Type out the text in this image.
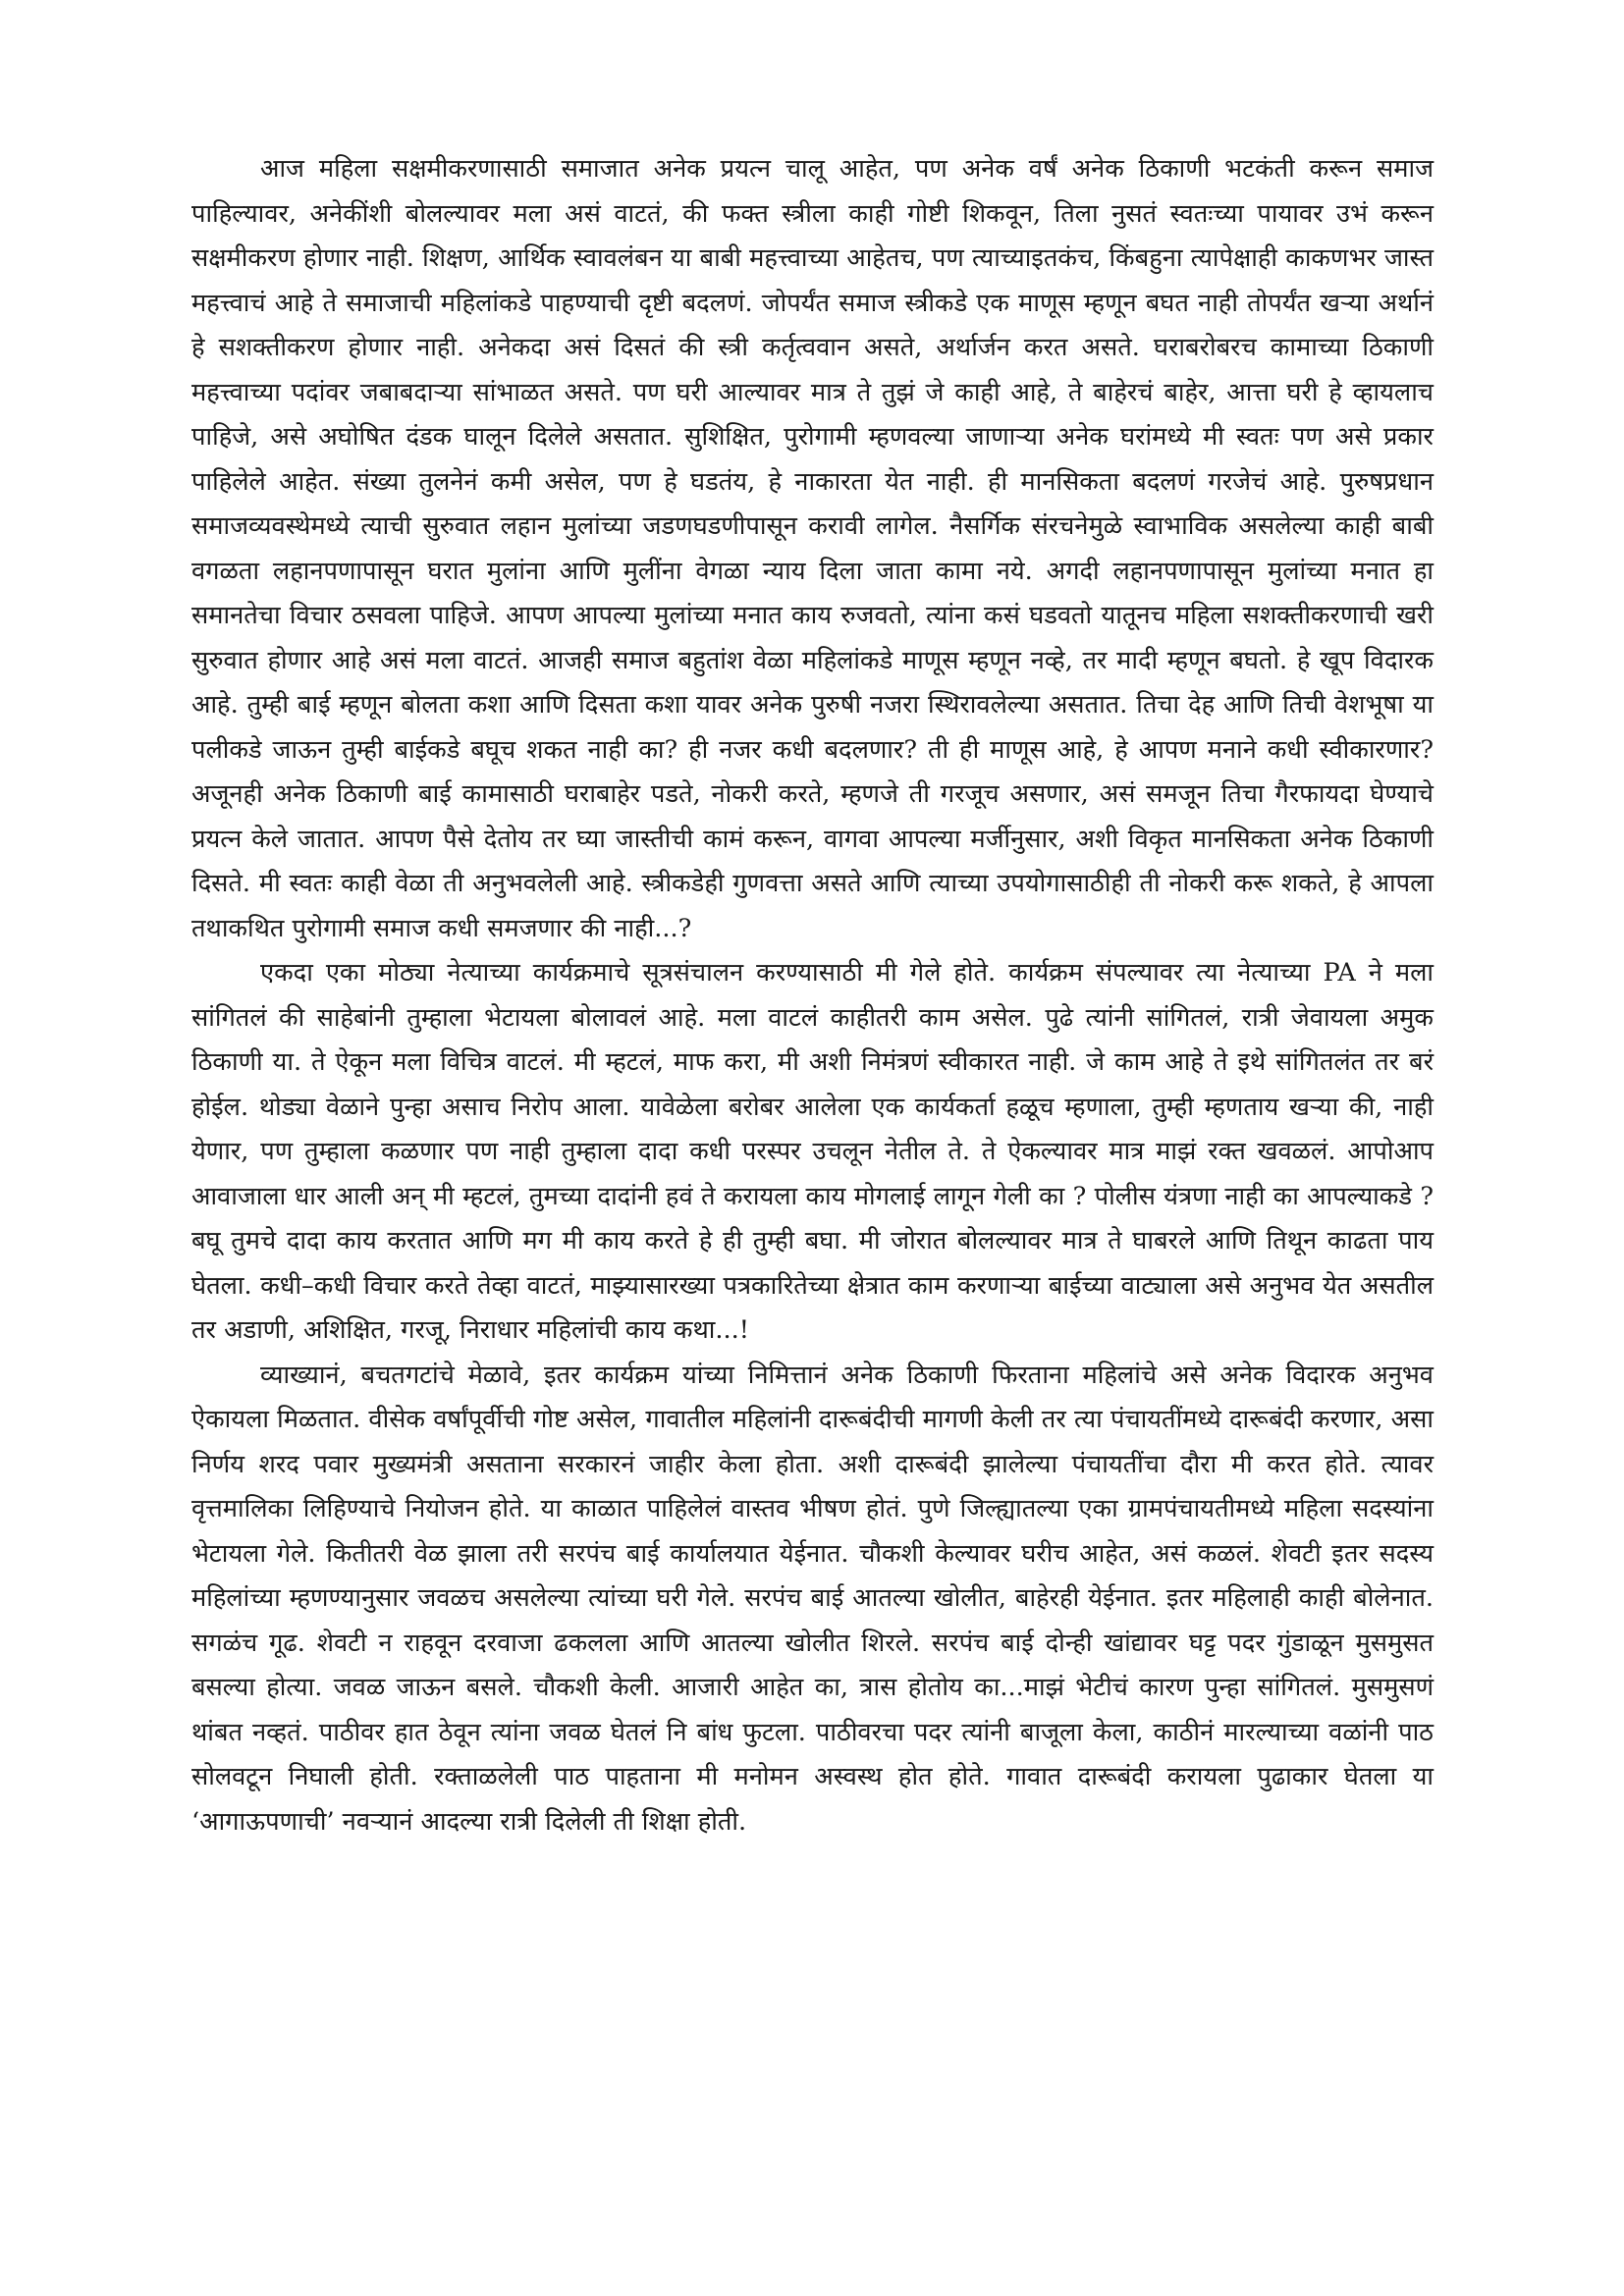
आज महिला सक्षमीकरणासाठी समाजात अनेक प्रयत्न चालू आहेत, पण अनेक वर्षं अनेक ठिकाणी भटकंती करून समाज पाहिल्यावर, अनेकींशी बोलल्यावर मला असं वाटतं, की फक्त स्त्रीला काही गोष्टी शिकवून, तिला नुसतं स्वतःच्या पायावर उभं करून सक्षमीकरण होणार नाही. शिक्षण, आर्थिक स्वावलंबन या बाबी महत्त्वाच्या आहेतच, पण त्याच्याइतकंच, किंबहुना त्यापेक्षाही काकणभर जास्त महत्त्वाचं आहे ते समाजाची महिलांकडे पाहण्याची दृष्टी बदलणं. जोपर्यंत समाज स्त्रीकडे एक माणूस म्हणून बघत नाही तोपर्यंत खऱ्या अर्थानं हे सशक्तीकरण होणार नाही. अनेकदा असं दिसतं की स्त्री कर्तृत्ववान असते, अर्थार्जन करत असते. घराबरोबरच कामाच्या ठिकाणी महत्त्वाच्या पदांवर जबाबदाऱ्या सांभाळत असते. पण घरी आल्यावर मात्र ते तुझं जे काही आहे, ते बाहेरचं बाहेर, आत्ता घरी हे व्हायलाच पाहिजे, असे अघोषित दंडक घालून दिलेले असतात. सुशिक्षित, पुरोगामी म्हणवल्या जाणाऱ्या अनेक घरांमध्ये मी स्वतः पण असे प्रकार पाहिलेले आहेत. संख्या तुलनेनं कमी असेल, पण हे घडतंय, हे नाकारता येत नाही. ही मानसिकता बदलणं गरजेचं आहे. पुरुषप्रधान समाजव्यवस्थेमध्ये त्याची सुरुवात लहान मुलांच्या जडणघडणीपासून करावी लागेल. नैसर्गिक संरचनेमुळे स्वाभाविक असलेल्या काही बाबी वगळता लहानपणापासून घरात मुलांना आणि मुलींना वेगळा न्याय दिला जाता कामा नये. अगदी लहानपणापासून मुलांच्या मनात हा समानतेचा विचार ठसवला पाहिजे. आपण आपल्या मुलांच्या मनात काय रुजवतो, त्यांना कसं घडवतो यातूनच महिला सशक्तीकरणाची खरी सुरुवात होणार आहे असं मला वाटतं. आजही समाज बहुतांश वेळा महिलांकडे माणूस म्हणून नव्हे, तर मादी म्हणून बघतो. हे खूप विदारक आहे. तुम्ही बाई म्हणून बोलता कशा आणि दिसता कशा यावर अनेक पुरुषी नजरा स्थिरावलेल्या असतात. तिचा देह आणि तिची वेशभूषा या पलीकडे जाऊन तुम्ही बाईकडे बघूच शकत नाही का? ही नजर कधी बदलणार? ती ही माणूस आहे, हे आपण मनाने कधी स्वीकारणार? अजूनही अनेक ठिकाणी बाई कामासाठी घराबाहेर पडते, नोकरी करते, म्हणजे ती गरजूच असणार, असं समजून तिचा गैरफायदा घेण्याचे प्रयत्न केले जातात. आपण पैसे देतोय तर घ्या जास्तीची कामं करून, वागवा आपल्या मर्जीनुसार, अशी विकृत मानसिकता अनेक ठिकाणी दिसते. मी स्वतः काही वेळा ती अनुभवलेली आहे. स्त्रीकडेही गुणवत्ता असते आणि त्याच्या उपयोगासाठीही ती नोकरी करू शकते, हे आपला तथाकथित पुरोगामी समाज कधी समजणार की नाही...?

एकदा एका मोठ्या नेत्याच्या कार्यक्रमाचे सूत्रसंचालन करण्यासाठी मी गेले होते. कार्यक्रम संपल्यावर त्या नेत्याच्या PA ने मला सांगितलं की साहेबांनी तुम्हाला भेटायला बोलावलं आहे. मला वाटलं काहीतरी काम असेल. पुढे त्यांनी सांगितलं, रात्री जेवायला अमुक ठिकाणी या. ते ऐकून मला विचित्र वाटलं. मी म्हटलं, माफ करा, मी अशी निमंत्रणं स्वीकारत नाही. जे काम आहे ते इथे सांगितलंत तर बरं होईल. थोड्या वेळाने पुन्हा असाच निरोप आला. यावेळेला बरोबर आलेला एक कार्यकर्ता हळूच म्हणाला, तुम्ही म्हणताय खऱ्या की, नाही येणार, पण तुम्हाला कळणार पण नाही तुम्हाला दादा कधी परस्पर उचलून नेतील ते. ते ऐकल्यावर मात्र माझं रक्त खवळलं. आपोआप आवाजाला धार आली अन् मी म्हटलं, तुमच्या दादांनी हवं ते करायला काय मोगलाई लागून गेली का ? पोलीस यंत्रणा नाही का आपल्याकडे ? बघू तुमचे दादा काय करतात आणि मग मी काय करते हे ही तुम्ही बघा. मी जोरात बोलल्यावर मात्र ते घाबरले आणि तिथून काढता पाय घेतला. कधी–कधी विचार करते तेव्हा वाटतं, माझ्यासारख्या पत्रकारितेच्या क्षेत्रात काम करणाऱ्या बाईच्या वाट्याला असे अनुभव येत असतील तर अडाणी, अशिक्षित, गरजू, निराधार महिलांची काय कथा...!

व्याख्यानं, बचतगटांचे मेळावे, इतर कार्यक्रम यांच्या निमित्तानं अनेक ठिकाणी फिरताना महिलांचे असे अनेक विदारक अनुभव ऐकायला मिळतात. वीसेक वर्षांपूर्वीची गोष्ट असेल, गावातील महिलांनी दारूबंदीची मागणी केली तर त्या पंचायतींमध्ये दारूबंदी करणार, असा निर्णय शरद पवार मुख्यमंत्री असताना सरकारनं जाहीर केला होता. अशी दारूबंदी झालेल्या पंचायतींचा दौरा मी करत होते. त्यावर वृत्तमालिका लिहिण्याचे नियोजन होते. या काळात पाहिलेलं वास्तव भीषण होतं. पुणे जिल्ह्यातल्या एका ग्रामपंचायतीमध्ये महिला सदस्यांना भेटायला गेले. कितीतरी वेळ झाला तरी सरपंच बाई कार्यालयात येईनात. चौकशी केल्यावर घरीच आहेत, असं कळलं. शेवटी इतर सदस्य महिलांच्या म्हणण्यानुसार जवळच असलेल्या त्यांच्या घरी गेले. सरपंच बाई आतल्या खोलीत, बाहेरही येईनात. इतर महिलाही काही बोलेनात. सगळंच गूढ. शेवटी न राहवून दरवाजा ढकलला आणि आतल्या खोलीत शिरले. सरपंच बाई दोन्ही खांद्यावर घट्ट पदर गुंडाळून मुसमुसत बसल्या होत्या. जवळ जाऊन बसले. चौकशी केली. आजारी आहेत का, त्रास होतोय का...माझं भेटीचं कारण पुन्हा सांगितलं. मुसमुसणं थांबत नव्हतं. पाठीवर हात ठेवून त्यांना जवळ घेतलं नि बांध फुटला. पाठीवरचा पदर त्यांनी बाजूला केला, काठीनं मारल्याच्या वळांनी पाठ सोलवटून निघाली होती. रक्ताळलेली पाठ पाहताना मी मनोमन अस्वस्थ होत होते. गावात दारूबंदी करायला पुढाकार घेतला या ‘आगाऊपणाची’ नवऱ्यानं आदल्या रात्री दिलेली ती शिक्षा होती.
